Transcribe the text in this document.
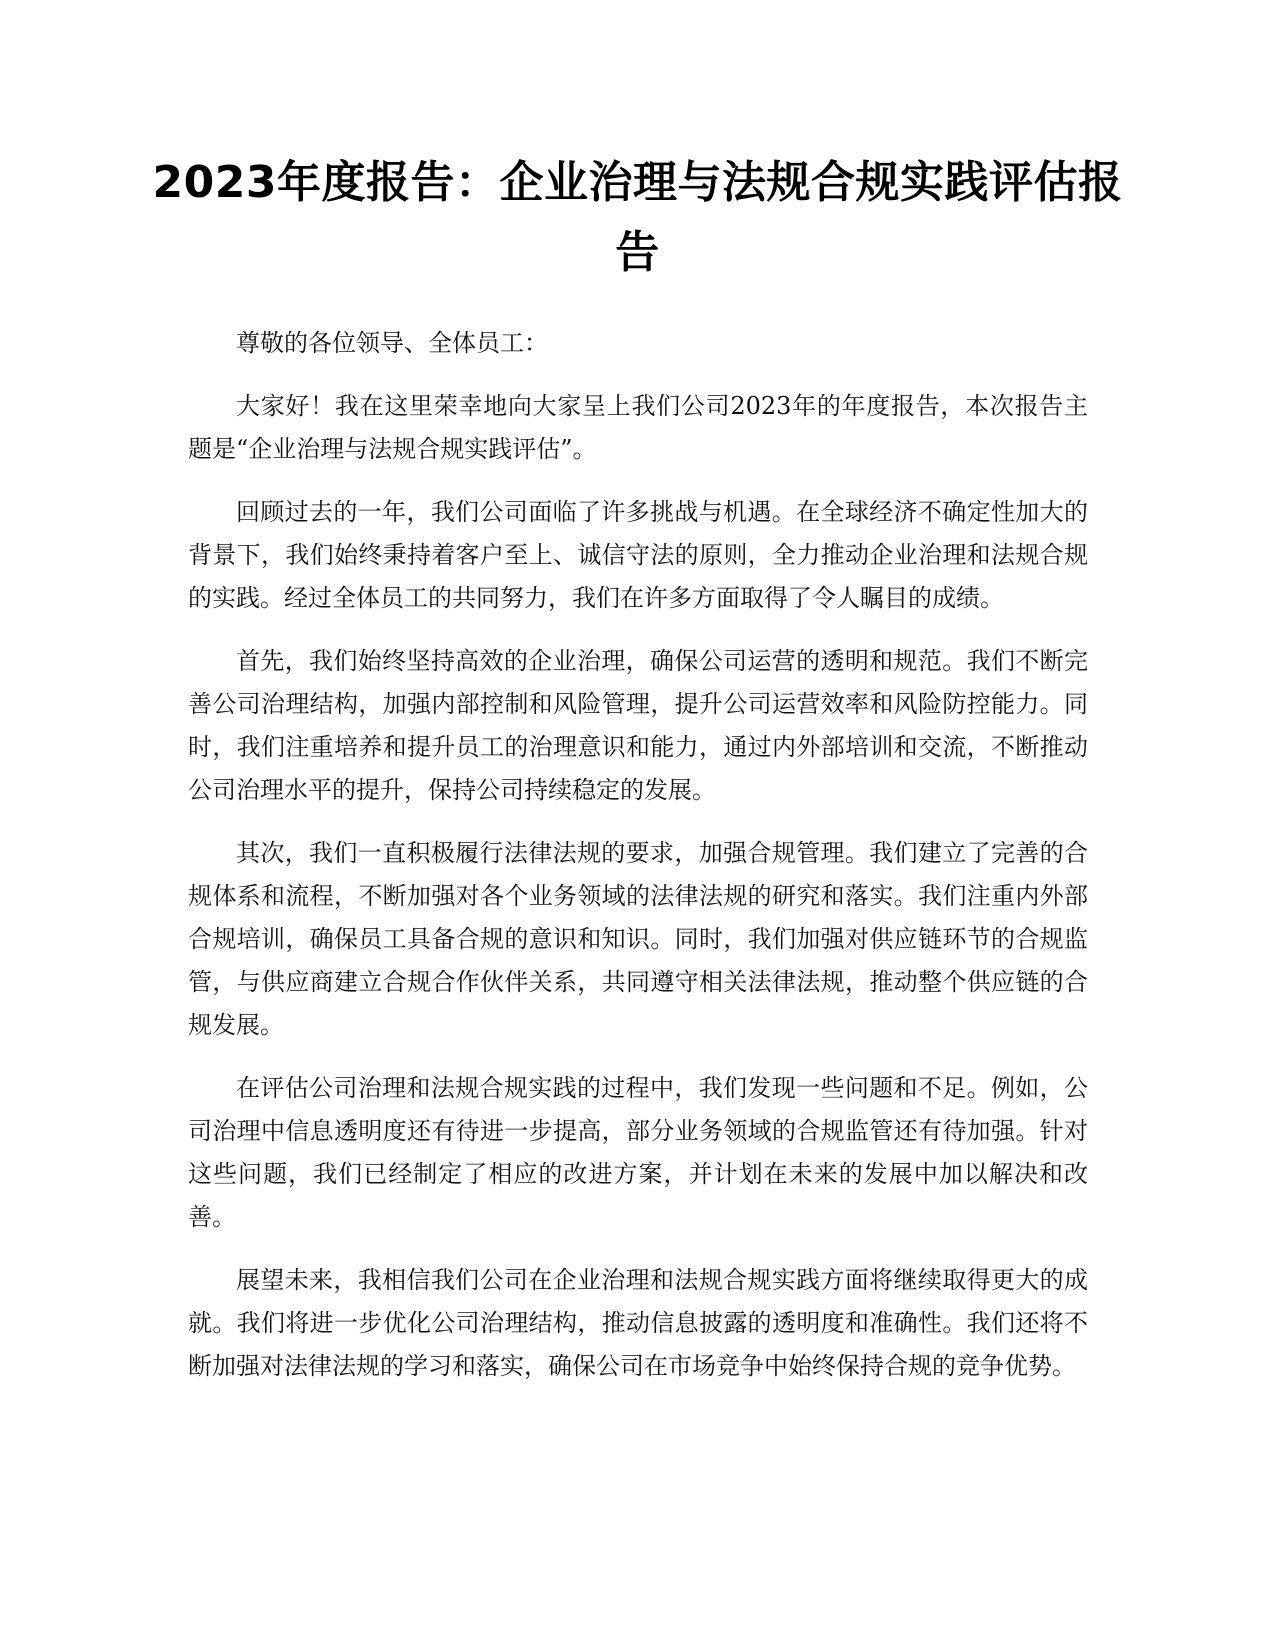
2023年度报告：企业治理与法规合规实践评估报告

尊敬的各位领导、全体员工：

大家好！我在这里荣幸地向大家呈上我们公司2023年的年度报告，本次报告主题是“企业治理与法规合规实践评估”。

回顾过去的一年，我们公司面临了许多挑战与机遇。在全球经济不确定性加大的背景下，我们始终秉持着客户至上、诚信守法的原则，全力推动企业治理和法规合规的实践。经过全体员工的共同努力，我们在许多方面取得了令人瞩目的成绩。

首先，我们始终坚持高效的企业治理，确保公司运营的透明和规范。我们不断完善公司治理结构，加强内部控制和风险管理，提升公司运营效率和风险防控能力。同时，我们注重培养和提升员工的治理意识和能力，通过内外部培训和交流，不断推动公司治理水平的提升，保持公司持续稳定的发展。

其次，我们一直积极履行法律法规的要求，加强合规管理。我们建立了完善的合规体系和流程，不断加强对各个业务领域的法律法规的研究和落实。我们注重内外部合规培训，确保员工具备合规的意识和知识。同时，我们加强对供应链环节的合规监管，与供应商建立合规合作伙伴关系，共同遵守相关法律法规，推动整个供应链的合规发展。

在评估公司治理和法规合规实践的过程中，我们发现一些问题和不足。例如，公司治理中信息透明度还有待进一步提高，部分业务领域的合规监管还有待加强。针对这些问题，我们已经制定了相应的改进方案，并计划在未来的发展中加以解决和改善。

展望未来，我相信我们公司在企业治理和法规合规实践方面将继续取得更大的成就。我们将进一步优化公司治理结构，推动信息披露的透明度和准确性。我们还将不断加强对法律法规的学习和落实，确保公司在市场竞争中始终保持合规的竞争优势。
